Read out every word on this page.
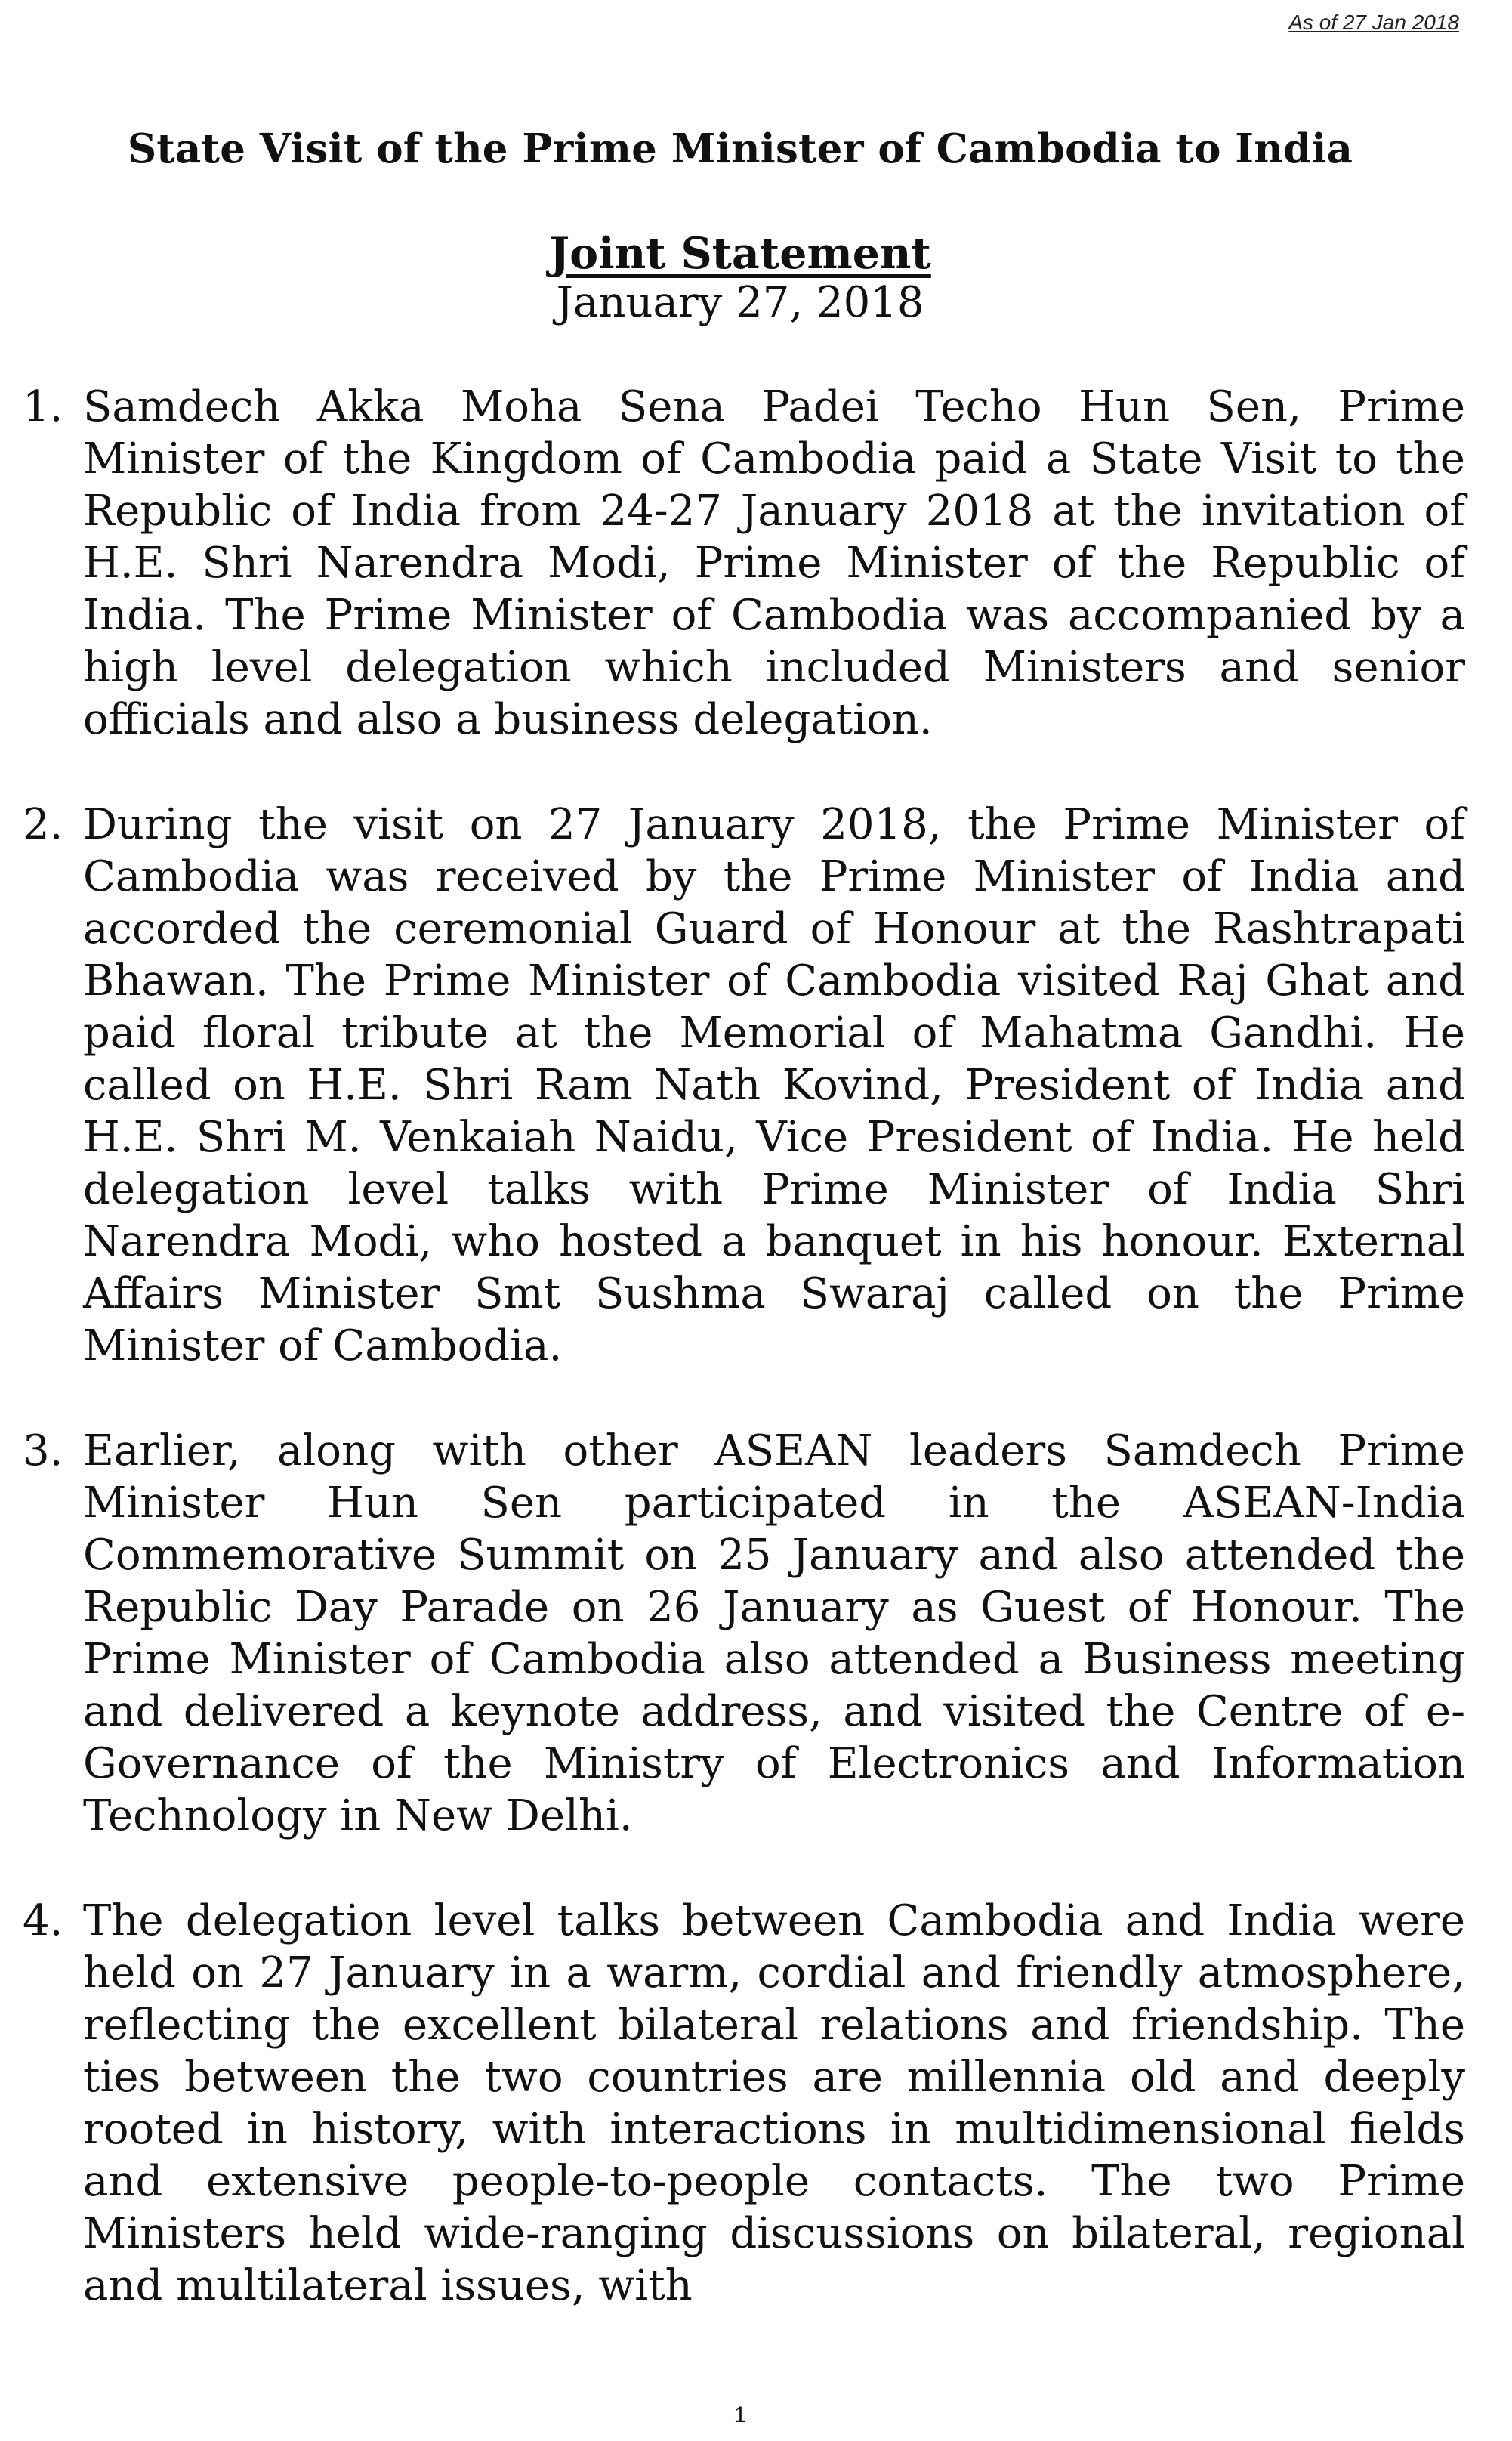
As of 27 Jan 2018
State Visit of the Prime Minister of Cambodia to India
Joint Statement
January 27, 2018
1. Samdech Akka Moha Sena Padei Techo Hun Sen, Prime Minister of the Kingdom of Cambodia paid a State Visit to the Republic of India from 24-27 January 2018 at the invitation of H.E. Shri Narendra Modi, Prime Minister of the Republic of India. The Prime Minister of Cambodia was accompanied by a high level delegation which included Ministers and senior officials and also a business delegation.

2. During the visit on 27 January 2018, the Prime Minister of Cambodia was received by the Prime Minister of India and accorded the ceremonial Guard of Honour at the Rashtrapati Bhawan. The Prime Minister of Cambodia visited Raj Ghat and paid floral tribute at the Memorial of Mahatma Gandhi. He called on H.E. Shri Ram Nath Kovind, President of India and H.E. Shri M. Venkaiah Naidu, Vice President of India. He held delegation level talks with Prime Minister of India Shri Narendra Modi, who hosted a banquet in his honour. External Affairs Minister Smt Sushma Swaraj called on the Prime Minister of Cambodia.

3. Earlier, along with other ASEAN leaders Samdech Prime Minister Hun Sen participated in the ASEAN-India Commemorative Summit on 25 January and also attended the Republic Day Parade on 26 January as Guest of Honour. The Prime Minister of Cambodia also attended a Business meeting and delivered a keynote address, and visited the Centre of e-Governance of the Ministry of Electronics and Information Technology in New Delhi.

4. The delegation level talks between Cambodia and India were held on 27 January in a warm, cordial and friendly atmosphere, reflecting the excellent bilateral relations and friendship. The ties between the two countries are millennia old and deeply rooted in history, with interactions in multidimensional fields and extensive people-to-people contacts. The two Prime Ministers held wide-ranging discussions on bilateral, regional and multilateral issues, with

1
